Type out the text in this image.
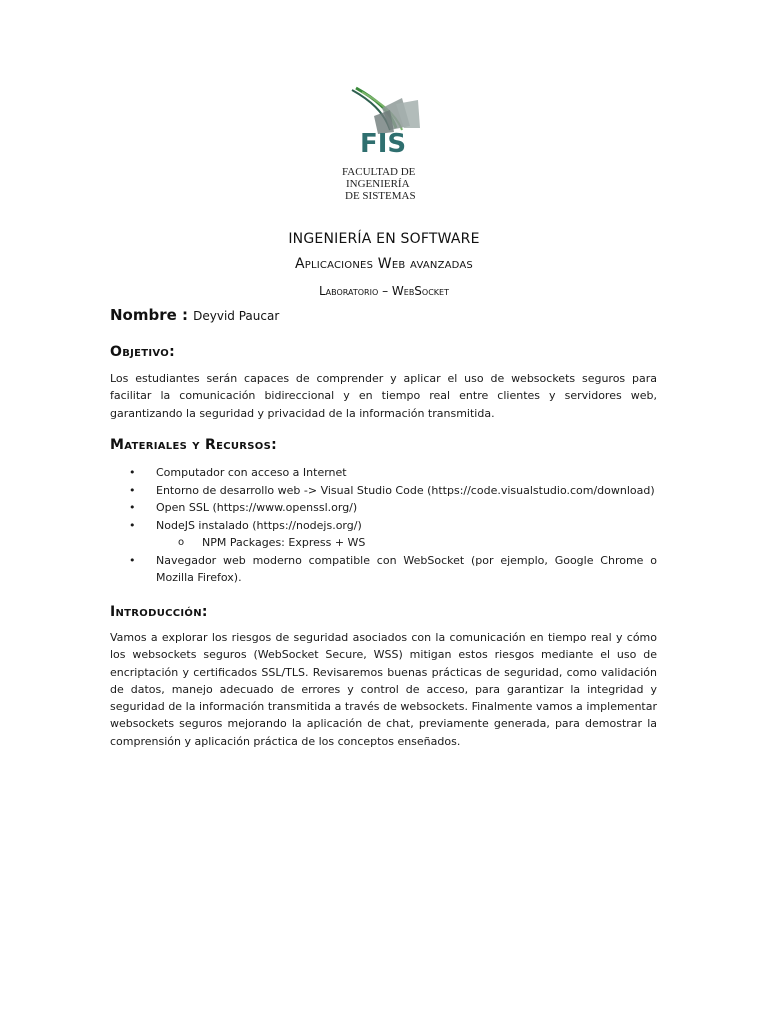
FIS
FACULTAD DE
INGENIERÍA
DE SISTEMAS
INGENIERÍA EN SOFTWARE
Aplicaciones Web avanzadas
Laboratorio – WebSocket
Nombre : Deyvid Paucar
Objetivo:

Los estudiantes serán capaces de comprender y aplicar el uso de websockets seguros para facilitar la comunicación bidireccional y en tiempo real entre clientes y servidores web, garantizando la seguridad y privacidad de la información transmitida.

Materiales y Recursos:
• Computador con acceso a Internet
• Entorno de desarrollo web -> Visual Studio Code (https://code.visualstudio.com/download)
• Open SSL (https://www.openssl.org/)
• NodeJS instalado (https://nodejs.org/)
o NPM Packages: Express + WS
• Navegador web moderno compatible con WebSocket (por ejemplo, Google Chrome o Mozilla Firefox).
Introducción:

Vamos a explorar los riesgos de seguridad asociados con la comunicación en tiempo real y cómo los websockets seguros (WebSocket Secure, WSS) mitigan estos riesgos mediante el uso de encriptación y certificados SSL/TLS. Revisaremos buenas prácticas de seguridad, como validación de datos, manejo adecuado de errores y control de acceso, para garantizar la integridad y seguridad de la información transmitida a través de websockets. Finalmente vamos a implementar websockets seguros mejorando la aplicación de chat, previamente generada, para demostrar la comprensión y aplicación práctica de los conceptos enseñados.
